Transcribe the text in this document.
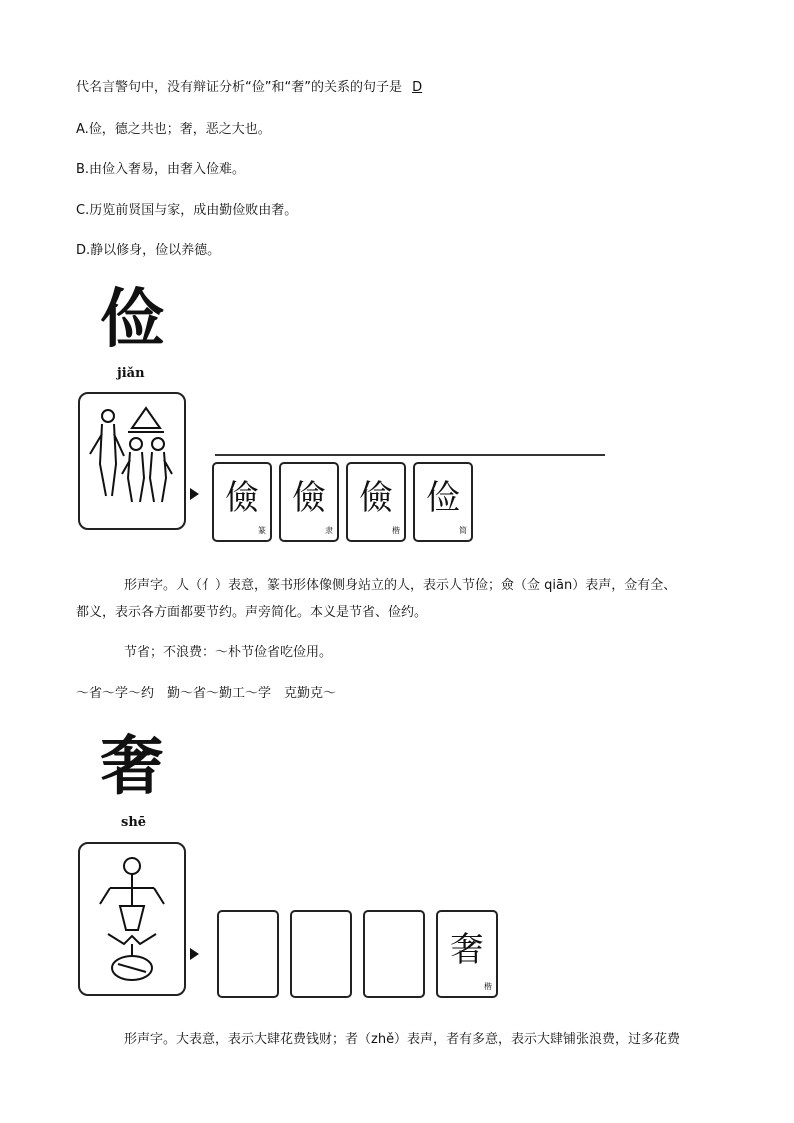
代名言警句中，没有辩证分析“俭”和“奢”的关系的句子是 D
A.俭，德之共也；奢，恶之大也。
B.由俭入奢易，由奢入俭难。
C.历览前贤国与家，成由勤俭败由奢。
D.静以修身，俭以养德。
俭
jiǎn
儉
篆
儉
隶
儉
楷
俭
简
形声字。人（亻）表意，篆书形体像侧身站立的人，表示人节俭；僉（佥 qiān）表声，佥有全、
都义，表示各方面都要节约。声旁简化。本义是节省、俭约。
节省；不浪费：～朴节俭省吃俭用。
～省～学～约　勤～省～勤工～学　克勤克～
奢
shē
奢
楷
形声字。大表意，表示大肆花费钱财；者（zhě）表声，者有多意，表示大肆铺张浪费，过多花费
